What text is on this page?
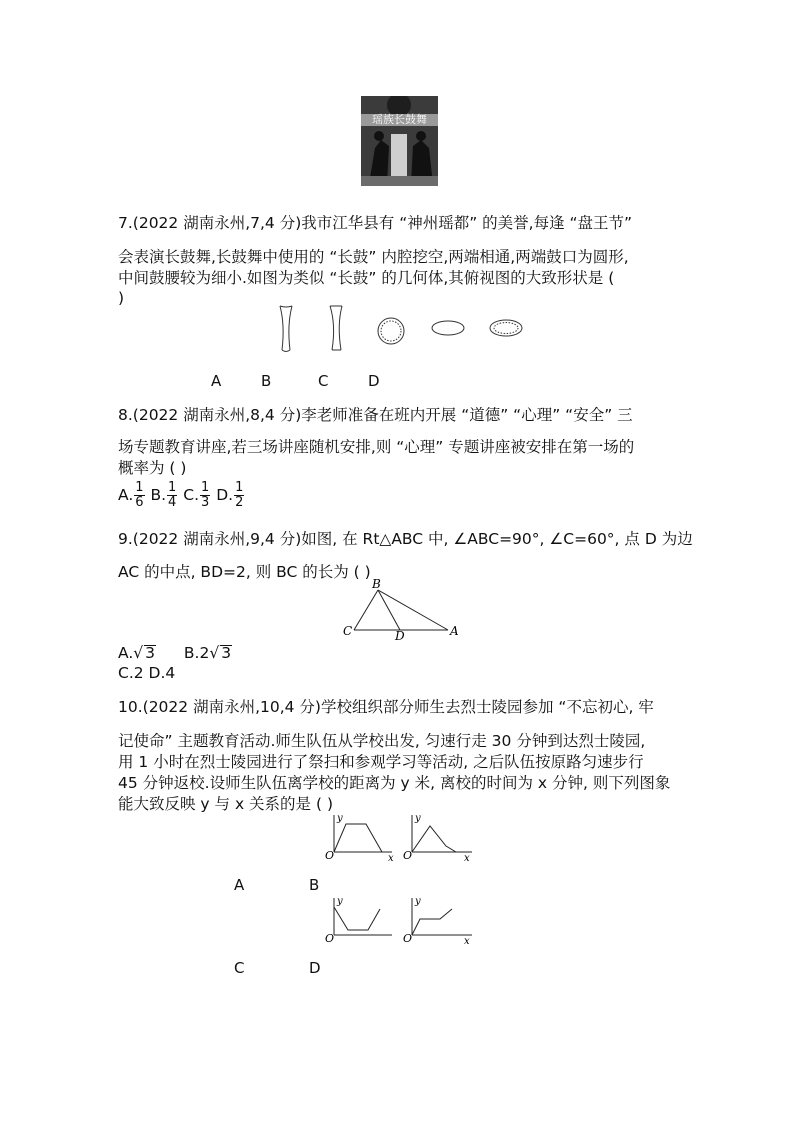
瑶族长鼓舞
7.(2022 湖南永州,7,4 分)我市江华县有 “神州瑶都” 的美誉,每逢 “盘王节”
会表演长鼓舞,长鼓舞中使用的 “长鼓” 内腔挖空,两端相通,两端鼓口为圆形,
中间鼓腰较为细小.如图为类似 “长鼓” 的几何体,其俯视图的大致形状是 (
)
A	B	C	D
8.(2022 湖南永州,8,4 分)李老师准备在班内开展 “道德” “心理” “安全” 三
场专题教育讲座,若三场讲座随机安排,则 “心理” 专题讲座被安排在第一场的
概率为 ( )
A. $\frac{1}{6} B$. $\frac{1}{4} C$. $\frac{1}{3} D$. $\frac{1}{2}$
9.(2022 湖南永州,9,4 分)如图, 在 Rt△ABC 中, ∠ABC=90°, ∠C=60°, 点 D 为边
AC 的中点, BD=2, 则 BC 的长为 ( )
B
C	D	A
A.√ 3 B.2√ 3
C.2 D.4
10.(2022 湖南永州,10,4 分)学校组织部分师生去烈士陵园参加 “不忘初心, 牢
记使命” 主题教育活动.师生队伍从学校出发, 匀速行走 30 分钟到达烈士陵园,
用 1 小时在烈士陵园进行了祭扫和参观学习等活动, 之后队伍按原路匀速步行
45 分钟返校.设师生队伍离学校的距离为 y 米, 离校的时间为 x 分钟, 则下列图象
能大致反映 y 与 x 关系的是 ( )
O
y
x O
y
x
A	B
O
y
O
y
x
C	D
